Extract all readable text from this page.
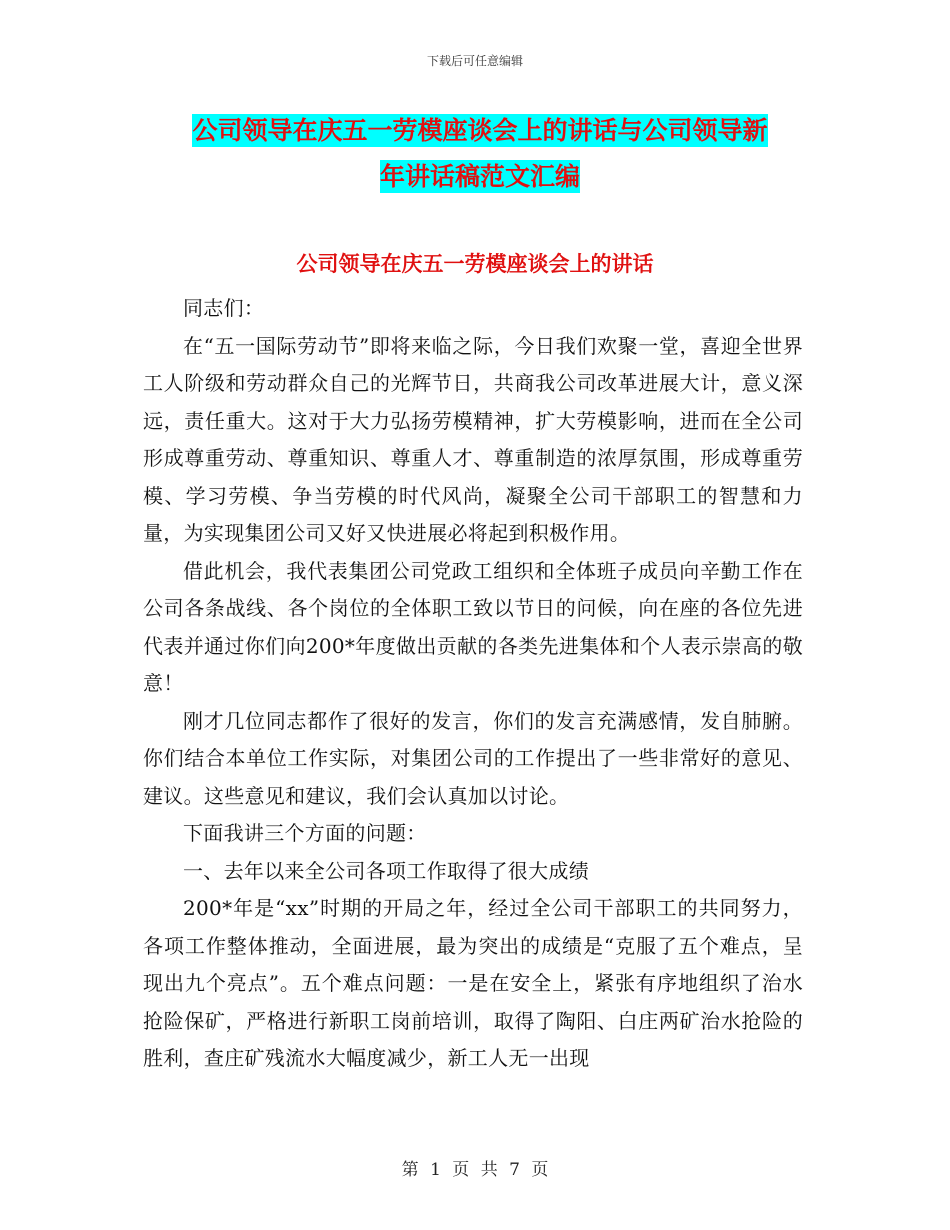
下载后可任意编辑
公司领导在庆五一劳模座谈会上的讲话与公司领导新
年讲话稿范文汇编
公司领导在庆五一劳模座谈会上的讲话

同志们：

在“五一国际劳动节”即将来临之际，今日我们欢聚一堂，喜迎全世界工人阶级和劳动群众自己的光辉节日，共商我公司改革进展大计，意义深远，责任重大。这对于大力弘扬劳模精神，扩大劳模影响，进而在全公司形成尊重劳动、尊重知识、尊重人才、尊重制造的浓厚氛围，形成尊重劳模、学习劳模、争当劳模的时代风尚，凝聚全公司干部职工的智慧和力量，为实现集团公司又好又快进展必将起到积极作用。

借此机会，我代表集团公司党政工组织和全体班子成员向辛勤工作在公司各条战线、各个岗位的全体职工致以节日的问候，向在座的各位先进代表并通过你们向200*年度做出贡献的各类先进集体和个人表示崇高的敬意！

刚才几位同志都作了很好的发言，你们的发言充满感情，发自肺腑。你们结合本单位工作实际，对集团公司的工作提出了一些非常好的意见、建议。这些意见和建议，我们会认真加以讨论。

下面我讲三个方面的问题：

一、去年以来全公司各项工作取得了很大成绩

200*年是“xx”时期的开局之年，经过全公司干部职工的共同努力，各项工作整体推动，全面进展，最为突出的成绩是“克服了五个难点，呈现出九个亮点”。五个难点问题：一是在安全上，紧张有序地组织了治水抢险保矿，严格进行新职工岗前培训，取得了陶阳、白庄两矿治水抢险的胜利，查庄矿残流水大幅度减少，新工人无一出现

第 1 页 共 7 页
